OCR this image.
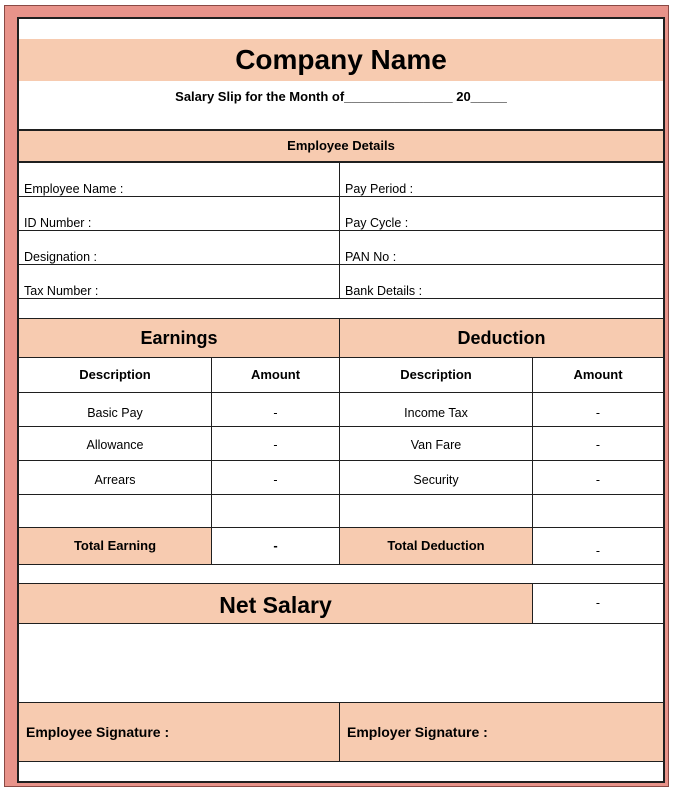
Company Name
Salary Slip for the Month of_______________ 20_____
Employee Details
Employee Name :	Pay Period :
ID Number :	Pay Cycle :
Designation :	PAN No :
Tax Number :	Bank Details :
Earnings	Deduction
Description	Amount	Description	Amount
Basic Pay	-	Income Tax	-
Allowance	-	Van Fare	-
Arrears	-	Security	-
Total Earning	-	Total Deduction	-
Net Salary	-
Employee Signature :	Employer Signature :
